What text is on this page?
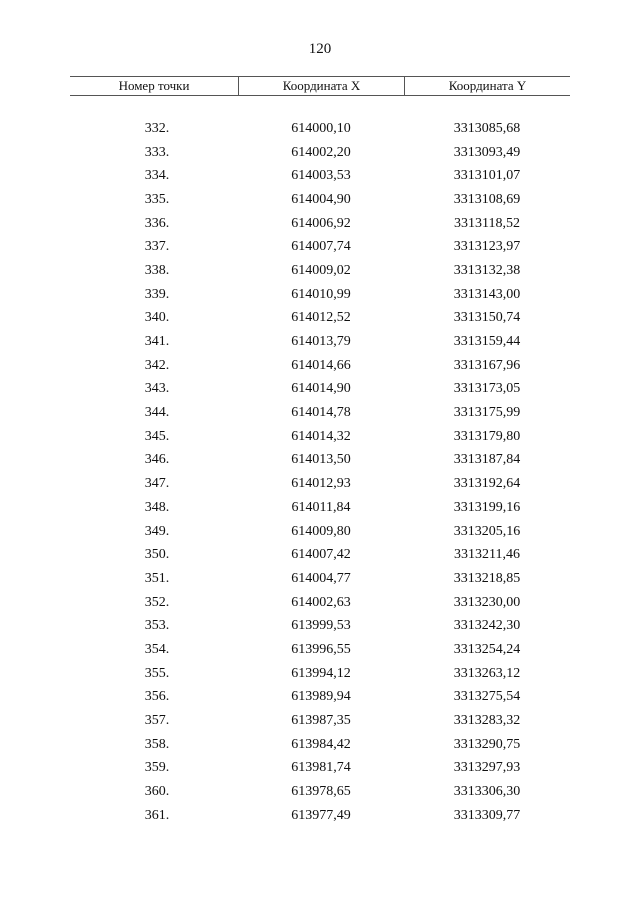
120
Номер точки	Координата X	Координата Y
332.	614000,10	3313085,68
333.	614002,20	3313093,49
334.	614003,53	3313101,07
335.	614004,90	3313108,69
336.	614006,92	3313118,52
337.	614007,74	3313123,97
338.	614009,02	3313132,38
339.	614010,99	3313143,00
340.	614012,52	3313150,74
341.	614013,79	3313159,44
342.	614014,66	3313167,96
343.	614014,90	3313173,05
344.	614014,78	3313175,99
345.	614014,32	3313179,80
346.	614013,50	3313187,84
347.	614012,93	3313192,64
348.	614011,84	3313199,16
349.	614009,80	3313205,16
350.	614007,42	3313211,46
351.	614004,77	3313218,85
352.	614002,63	3313230,00
353.	613999,53	3313242,30
354.	613996,55	3313254,24
355.	613994,12	3313263,12
356.	613989,94	3313275,54
357.	613987,35	3313283,32
358.	613984,42	3313290,75
359.	613981,74	3313297,93
360.	613978,65	3313306,30
361.	613977,49	3313309,77
